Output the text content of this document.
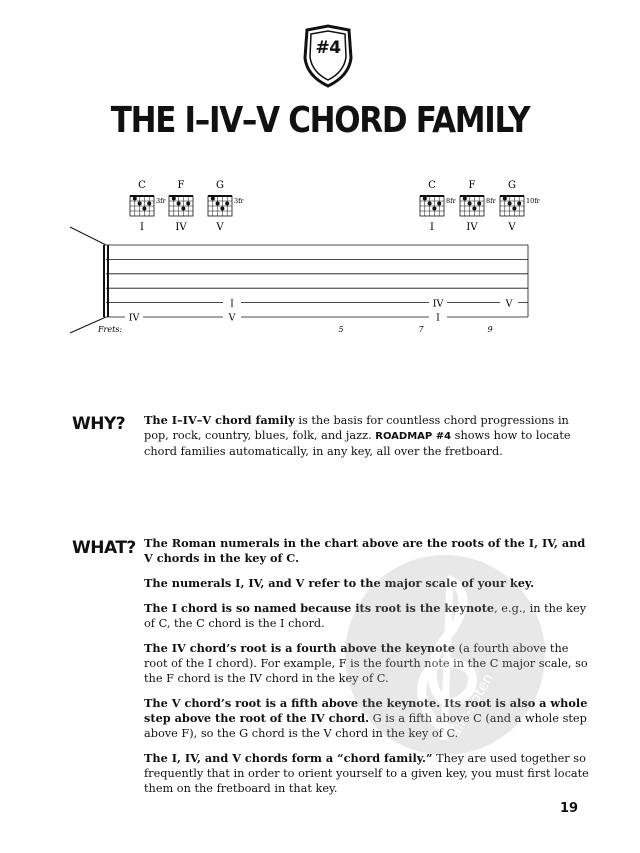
#4
THE I–IV–V CHORD FAMILY
C
3fr
I
F
IV
G
3fr
V
C
8fr
I
F
8fr
IV
G
10fr
V
IV
I
V
IV
I
V
Frets:	5	7	9
WHY? The I–IV–V chord family is the basis for countless chord progressions in pop, rock, country, blues, folk, and jazz. ROADMAP #4 shows how to locate chord families automatically, in any key, all over the fretboard.

WHAT? The Roman numerals in the chart above are the roots of the I, IV, and V chords in the key of C.

The numerals I, IV, and V refer to the major scale of your key.

The I chord is so named because its root is the keynote, e.g., in the key of C, the C chord is the I chord.

The IV chord’s root is a fourth above the keynote (a fourth above the root of the I chord). For example, F is the fourth note in the C major scale, so the F chord is the IV chord in the key of C.

The V chord’s root is a fifth above the keynote. Its root is also a whole step above the root of the IV chord. G is a fifth above C (and a whole step above F), so the G chord is the V chord in the key of C.

The I, IV, and V chords form a “chord family.” They are used together so frequently that in order to orient yourself to a given key, you must first locate them on the fretboard in that key.

alle-noten
19
